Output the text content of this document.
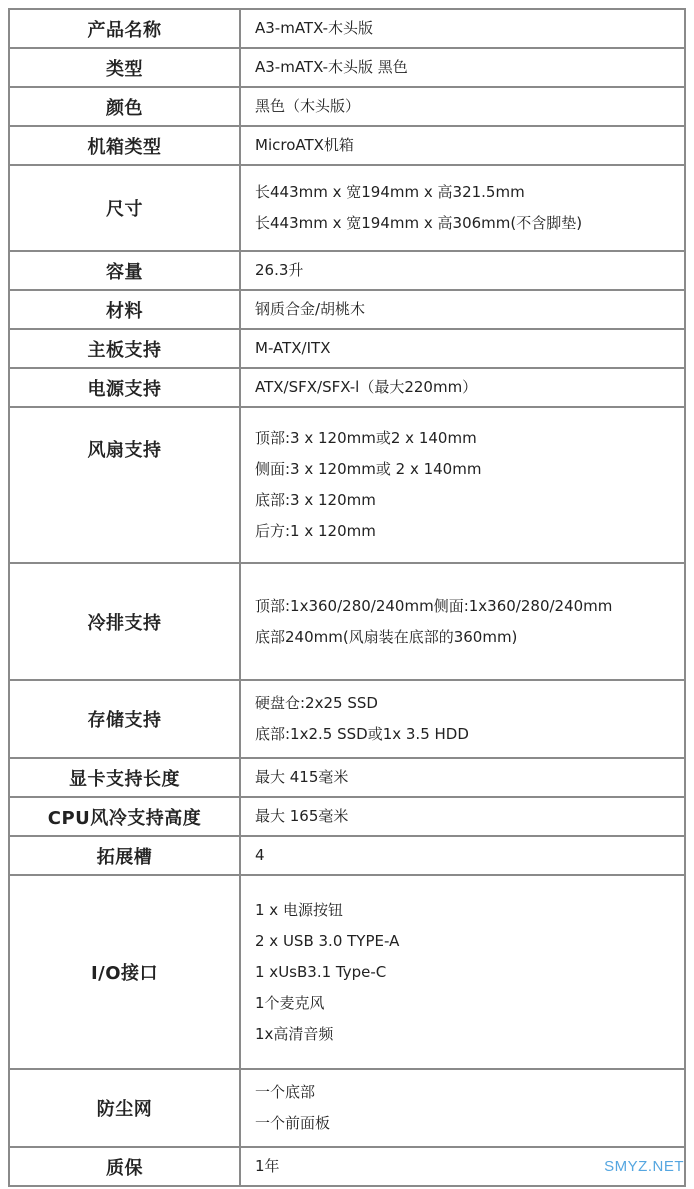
产品名称	A3-mATX-木头版

类型	A3-mATX-木头版 黑色

颜色	黑色（木头版）

机箱类型	MicroATX机箱

尺寸	长443mm x 宽194mm x 高321.5mm
长443mm x 宽194mm x 高306mm(不含脚垫)

容量	26.3升

材料	钢质合金/胡桃木

主板支持	M-ATX/ITX

电源支持	ATX/SFX/SFX-l（最大220mm）

风扇支持	顶部:3 x 120mm或2 x 140mm
侧面:3 x 120mm或 2 x 140mm
底部:3 x 120mm
后方:1 x 120mm

冷排支持	顶部:1x360/280/240mm侧面:1x360/280/240mm
底部240mm(风扇装在底部的360mm)

存储支持	硬盘仓:2x25 SSD
底部:1x2.5 SSD或1x 3.5 HDD

显卡支持长度	最大 415毫米

CPU风冷支持高度	最大 165毫米

拓展槽	4

I/O接口	1 x 电源按钮
2 x USB 3.0 TYPE-A
1 xUsB3.1 Type-C
1个麦克风
1x高清音频

防尘网	一个底部
一个前面板

质保	1年	SMYZ.NET
